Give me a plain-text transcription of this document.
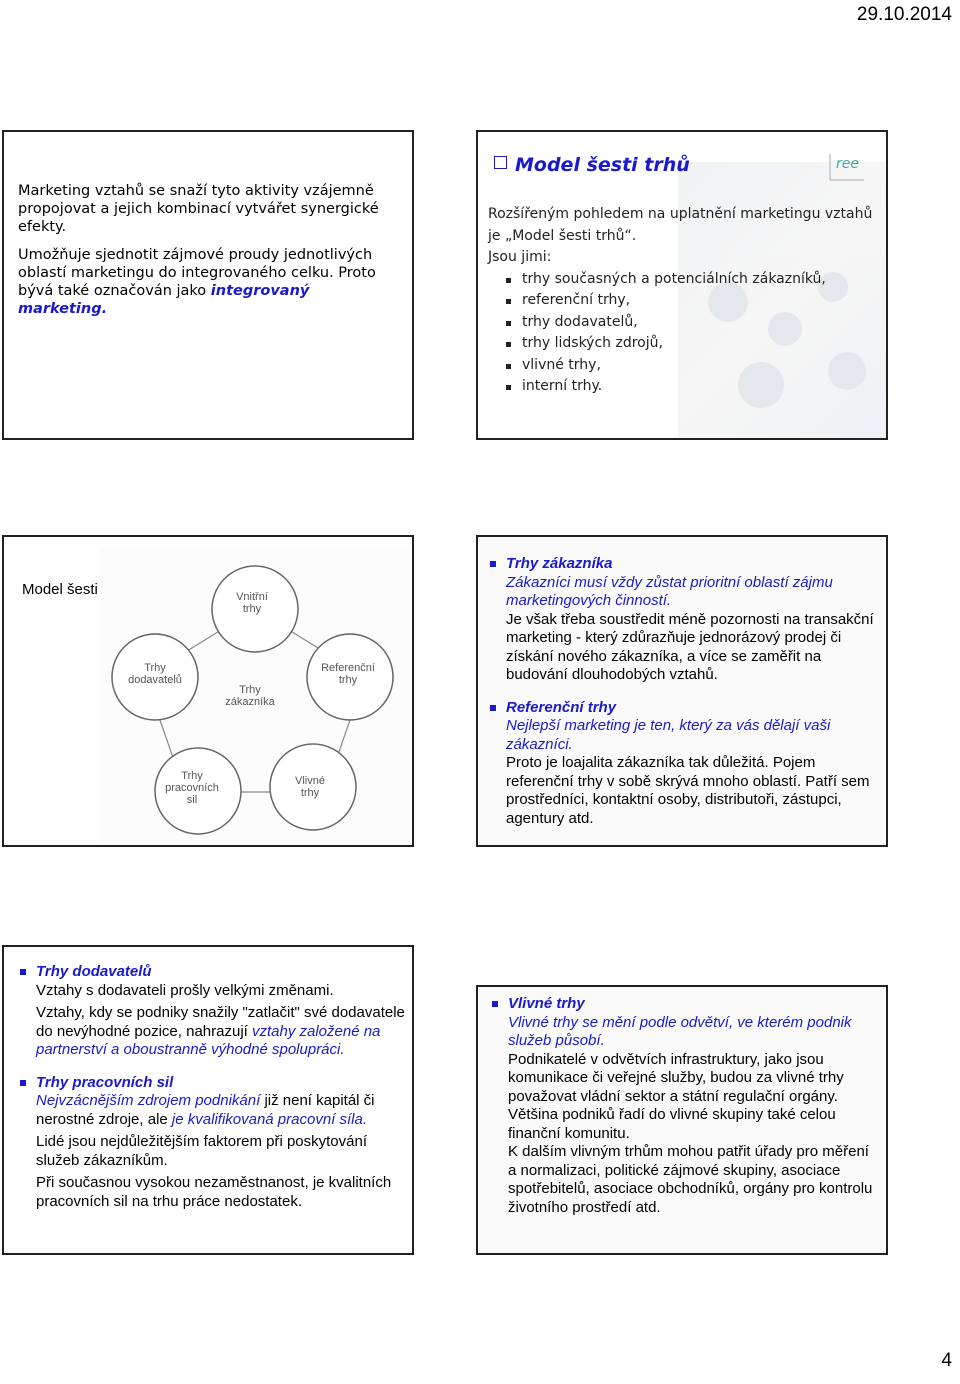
29.10.2014

Marketing vztahů se snaží tyto aktivity vzájemně propojovat a jejich kombinací vytvářet synergické efekty.

Umožňuje sjednotit zájmové proudy jednotlivých oblastí marketingu do integrovaného celku. Proto bývá také označován jako integrovaný marketing.

Model šesti trhů	ree
Rozšířeným pohledem na uplatnění marketingu vztahů je „Model šesti trhů“.
Jsou jimi:
trhy současných a potenciálních zákazníků,
referenční trhy,
trhy dodavatelů,
trhy lidských zdrojů,
vlivné trhy,
interní trhy.
Model šesti trhů	Vnitřní
trhy
Trhy
dodavatelů
Referenční
trhy
Trhy
zákazníka
Trhy
pracovních
sil
Vlivné
trhy

Trhy zákazníka

Zákazníci musí vždy zůstat prioritní oblastí zájmu marketingových činností.

Je však třeba soustředit méně pozornosti na transakční marketing - který zdůrazňuje jednorázový prodej či získání nového zákazníka, a více se zaměřit na budování dlouhodobých vztahů.

Referenční trhy

Nejlepší marketing je ten, který za vás dělají vaši zákazníci.

Proto je loajalita zákazníka tak důležitá. Pojem referenční trhy v sobě skrývá mnoho oblastí. Patří sem prostředníci, kontaktní osoby, distributoři, zástupci, agentury atd.

Trhy dodavatelů

Vztahy s dodavateli prošly velkými změnami.

Vztahy, kdy se podniky snažily "zatlačit" své dodavatele do nevýhodné pozice, nahrazují vztahy založené na partnerství a oboustranně výhodné spolupráci.

Trhy pracovních sil

Nejvzácnějším zdrojem podnikání již není kapitál či nerostné zdroje, ale je kvalifikovaná pracovní síla.

Lidé jsou nejdůležitějším faktorem při poskytování služeb zákazníkům.

Při současnou vysokou nezaměstnanost, je kvalitních pracovních sil na trhu práce nedostatek.

Vlivné trhy

Vlivné trhy se mění podle odvětví, ve kterém podnik služeb působí.

Podnikatelé v odvětvích infrastruktury, jako jsou komunikace či veřejné služby, budou za vlivné trhy považovat vládní sektor a státní regulační orgány.

Většina podniků řadí do vlivné skupiny také celou finanční komunitu.

K dalším vlivným trhům mohou patřit úřady pro měření a normalizaci, politické zájmové skupiny, asociace spotřebitelů, asociace obchodníků, orgány pro kontrolu životního prostředí atd.

4
